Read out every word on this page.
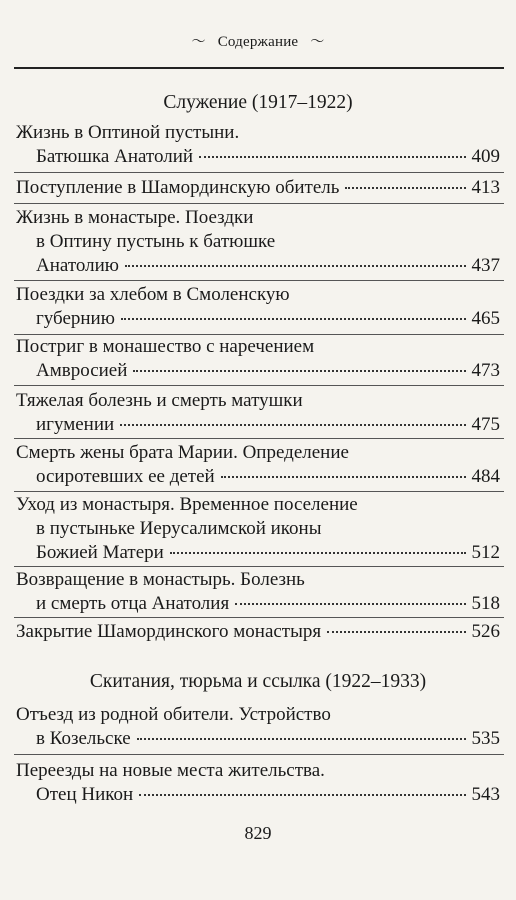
〜 Содержание 〜
Служение (1917–1922)
Жизнь в Оптиной пустыни.
Батюшка Анатолий	409
Поступление в Шамординскую обитель	413
Жизнь в монастыре. Поездки
в Оптину пустынь к батюшке
Анатолию	437
Поездки за хлебом в Смоленскую
губернию	465
Постриг в монашество с наречением
Амвросией	473
Тяжелая болезнь и смерть матушки
игумении	475
Смерть жены брата Марии. Определение
осиротевших ее детей	484
Уход из монастыря. Временное поселение
в пустыньке Иерусалимской иконы
Божией Матери	512
Возвращение в монастырь. Болезнь
и смерть отца Анатолия	518
Закрытие Шамординского монастыря	526
Скитания, тюрьма и ссылка (1922–1933)
Отъезд из родной обители. Устройство
в Козельске	535
Переезды на новые места жительства.
Отец Никон	543
829
